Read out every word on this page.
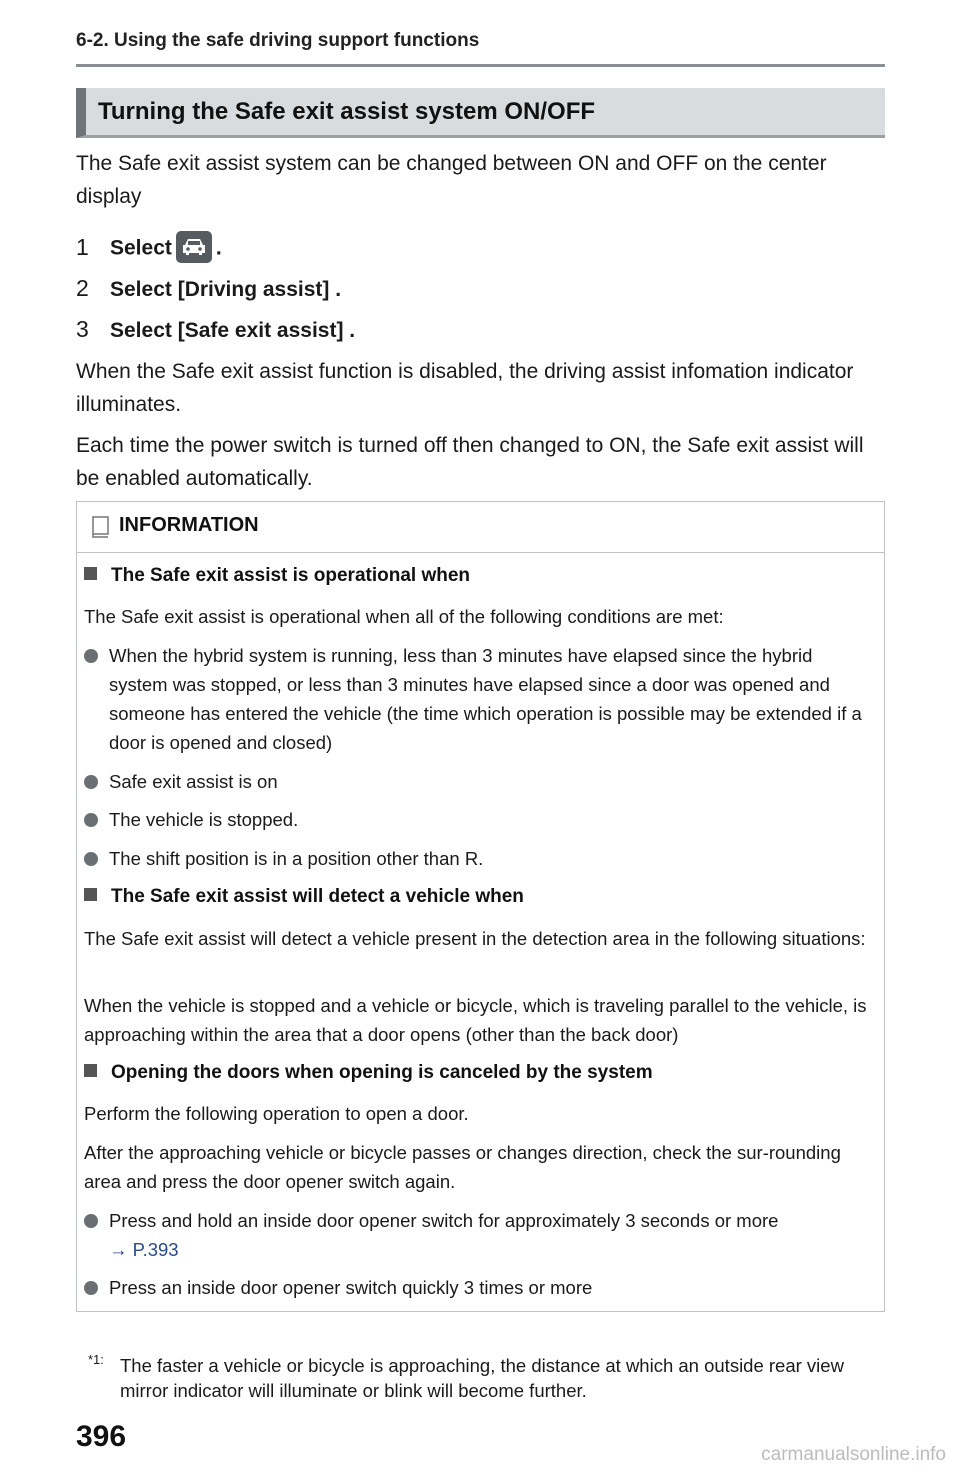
6-2. Using the safe driving support functions
Turning the Safe exit assist system ON/OFF
The Safe exit assist system can be changed between ON and OFF on the center display
1 Select .
2 Select [Driving assist] .
3 Select [Safe exit assist] .
When the Safe exit assist function is disabled, the driving assist infomation indicator illuminates.
Each time the power switch is turned off then changed to ON, the Safe exit assist will be enabled automatically.
INFORMATION
The Safe exit assist is operational when
The Safe exit assist is operational when all of the following conditions are met:
When the hybrid system is running, less than 3 minutes have elapsed since the hybrid system was stopped, or less than 3 minutes have elapsed since a door was opened and someone has entered the vehicle (the time which operation is possible may be extended if a door is opened and closed)
Safe exit assist is on
The vehicle is stopped.
The shift position is in a position other than R.
The Safe exit assist will detect a vehicle when
The Safe exit assist will detect a vehicle present in the detection area in the following situations:
When the vehicle is stopped and a vehicle or bicycle, which is traveling parallel to the vehicle, is approaching within the area that a door opens (other than the back door)
Opening the doors when opening is canceled by the system
Perform the following operation to open a door.
After the approaching vehicle or bicycle passes or changes direction, check the sur-rounding area and press the door opener switch again.
Press and hold an inside door opener switch for approximately 3 seconds or more
→ P.393
Press an inside door opener switch quickly 3 times or more
*1: The faster a vehicle or bicycle is approaching, the distance at which an outside rear view mirror indicator will illuminate or blink will become further.
396
carmanualsonline.info
